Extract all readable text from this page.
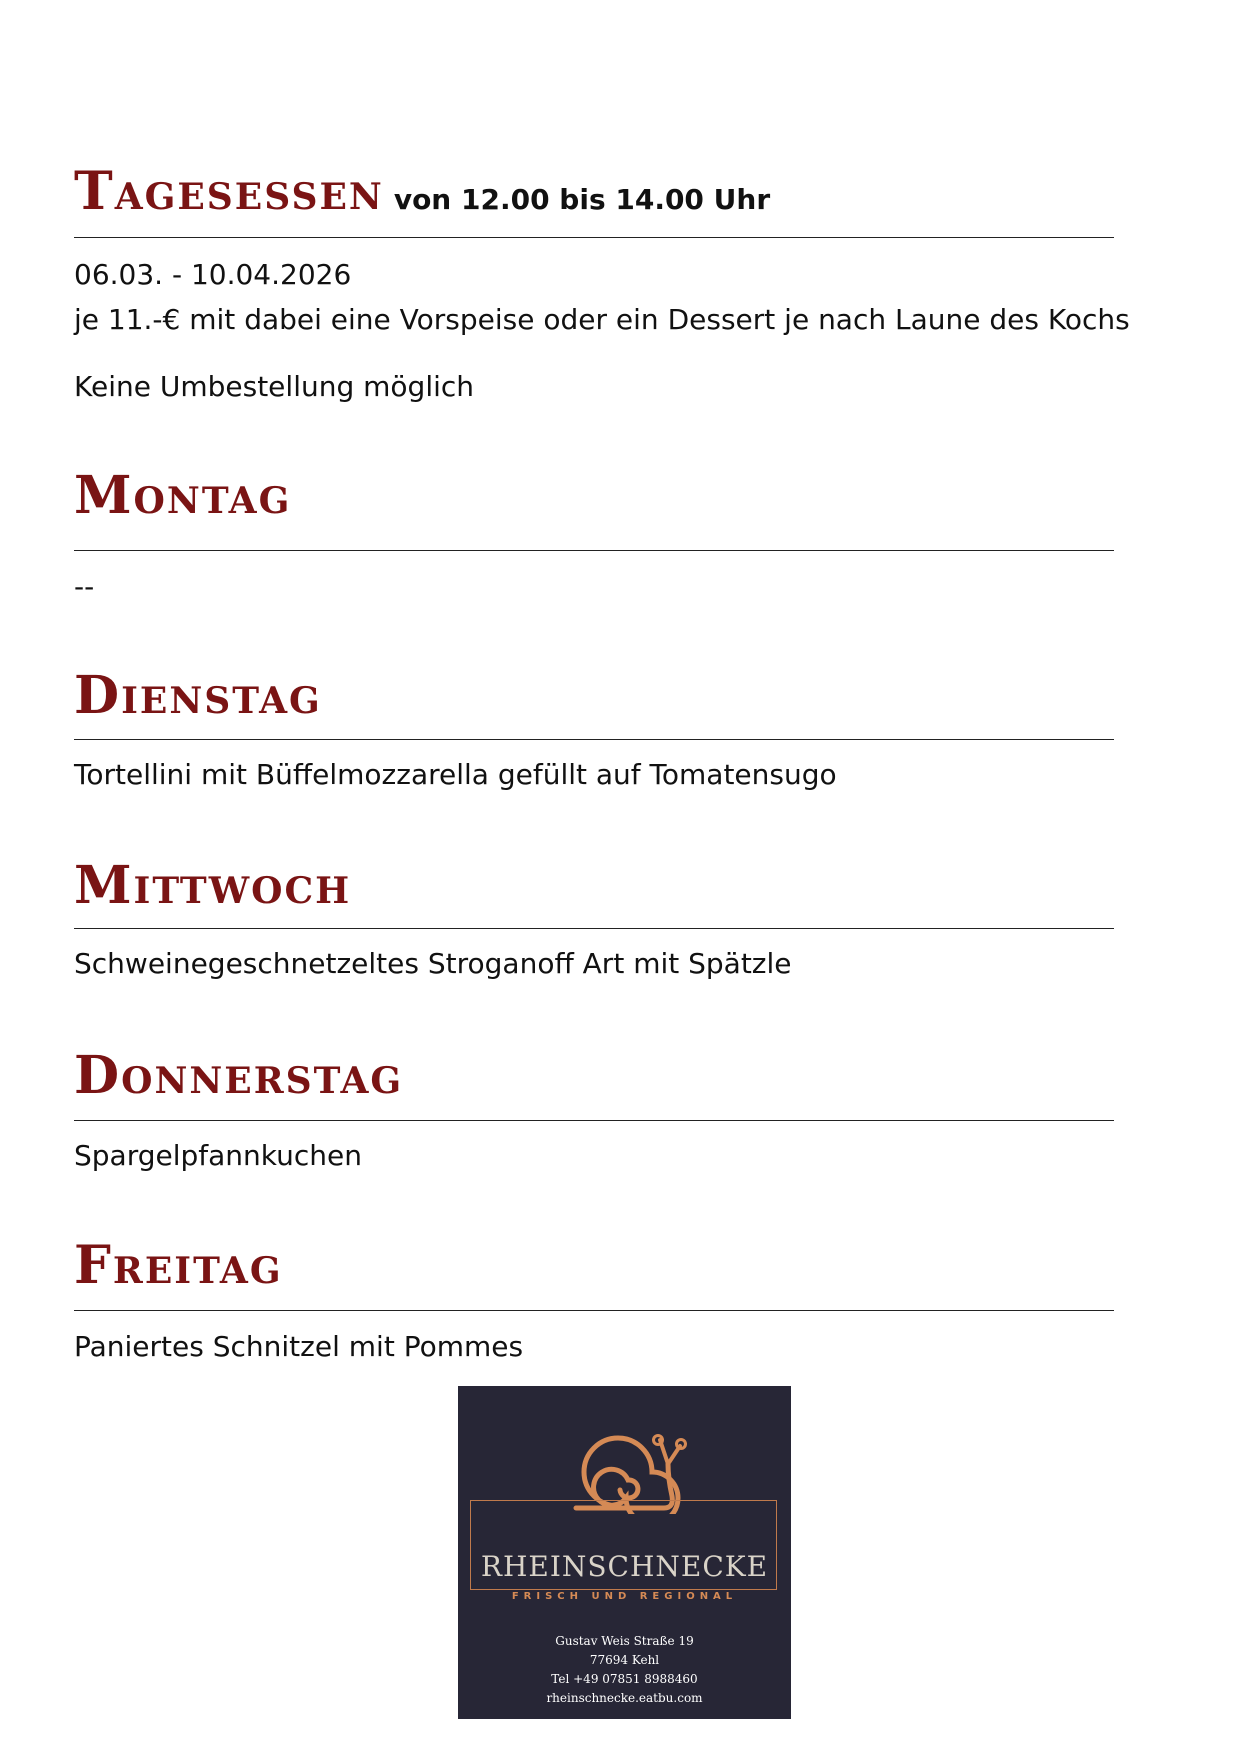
Tagesessen von 12.00 bis 14.00 Uhr
06.03. - 10.04.2026
je 11.-€ mit dabei eine Vorspeise oder ein Dessert je nach Laune des Kochs
Keine Umbestellung möglich
Montag
--
Dienstag
Tortellini mit Büffelmozzarella gefüllt auf Tomatensugo
Mittwoch
Schweinegeschnetzeltes Stroganoff Art mit Spätzle
Donnerstag
Spargelpfannkuchen
Freitag
Paniertes Schnitzel mit Pommes
RHEINSCHNECKE
FRISCH UND REGIONAL
Gustav Weis Straße 19
77694 Kehl
Tel +49 07851 8988460
rheinschnecke.eatbu.com
